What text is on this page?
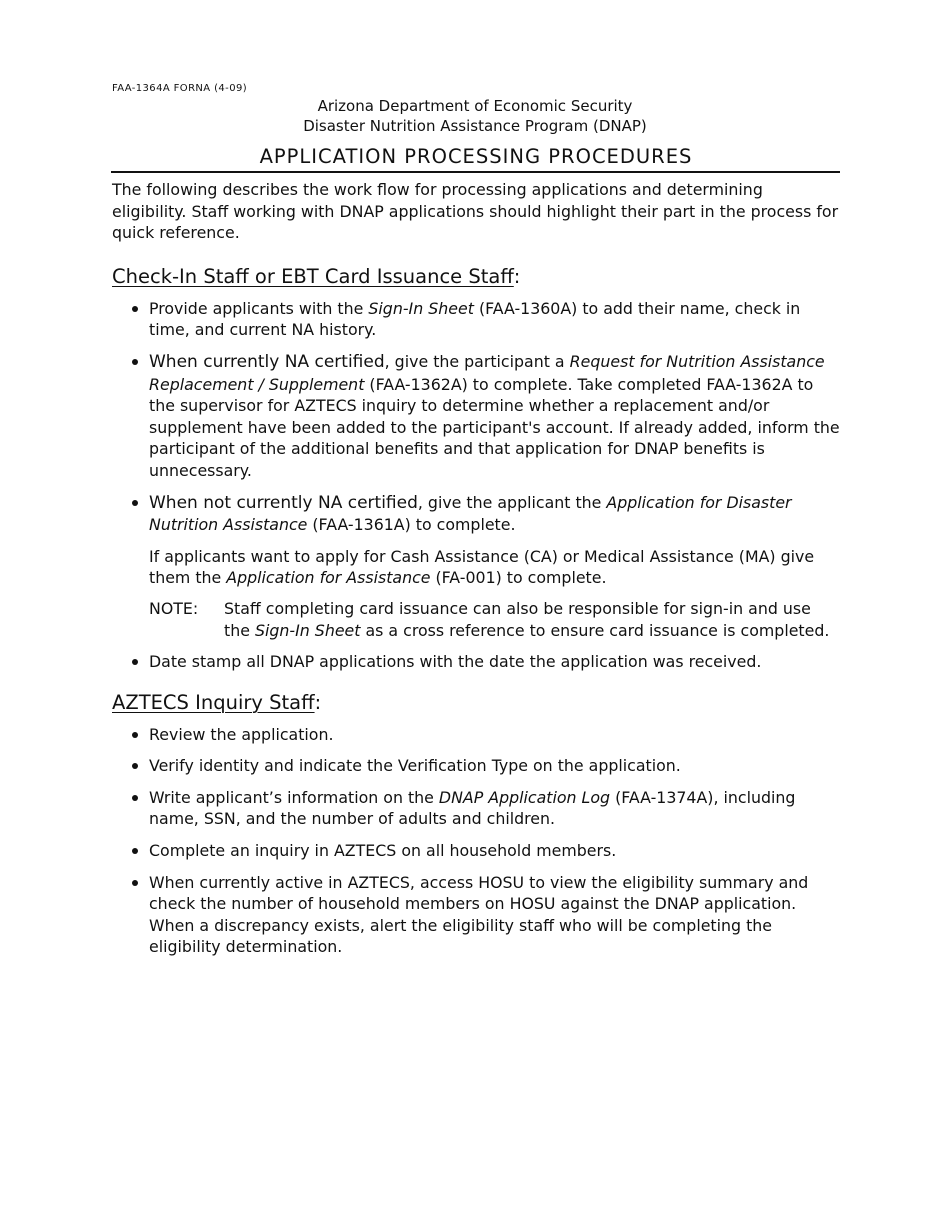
FAA-1364A FORNA (4-09)
Arizona Department of Economic Security
Disaster Nutrition Assistance Program (DNAP)
APPLICATION PROCESSING PROCEDURES

The following describes the work flow for processing applications and determining eligibility. Staff working with DNAP applications should highlight their part in the process for quick reference.

Check-In Staff or EBT Card Issuance Staff:
Provide applicants with the Sign-In Sheet (FAA-1360A) to add their name, check in time, and current NA history.
When currently NA certified, give the participant a Request for Nutrition Assistance Replacement / Supplement (FAA-1362A) to complete. Take completed FAA-1362A to the supervisor for AZTECS inquiry to determine whether a replacement and/or supplement have been added to the participant's account. If already added, inform the participant of the additional benefits and that application for DNAP benefits is unnecessary.
When not currently NA certified, give the applicant the Application for Disaster Nutrition Assistance (FAA-1361A) to complete.

If applicants want to apply for Cash Assistance (CA) or Medical Assistance (MA) give them the Application for Assistance (FA-001) to complete.

NOTE:	Staff completing card issuance can also be responsible for sign-in and use the Sign-In Sheet as a cross reference to ensure card issuance is completed.
Date stamp all DNAP applications with the date the application was received.
AZTECS Inquiry Staff:
Review the application.
Verify identity and indicate the Verification Type on the application.
Write applicant’s information on the DNAP Application Log (FAA-1374A), including name, SSN, and the number of adults and children.
Complete an inquiry in AZTECS on all household members.
When currently active in AZTECS, access HOSU to view the eligibility summary and check the number of household members on HOSU against the DNAP application. When a discrepancy exists, alert the eligibility staff who will be completing the eligibility determination.
